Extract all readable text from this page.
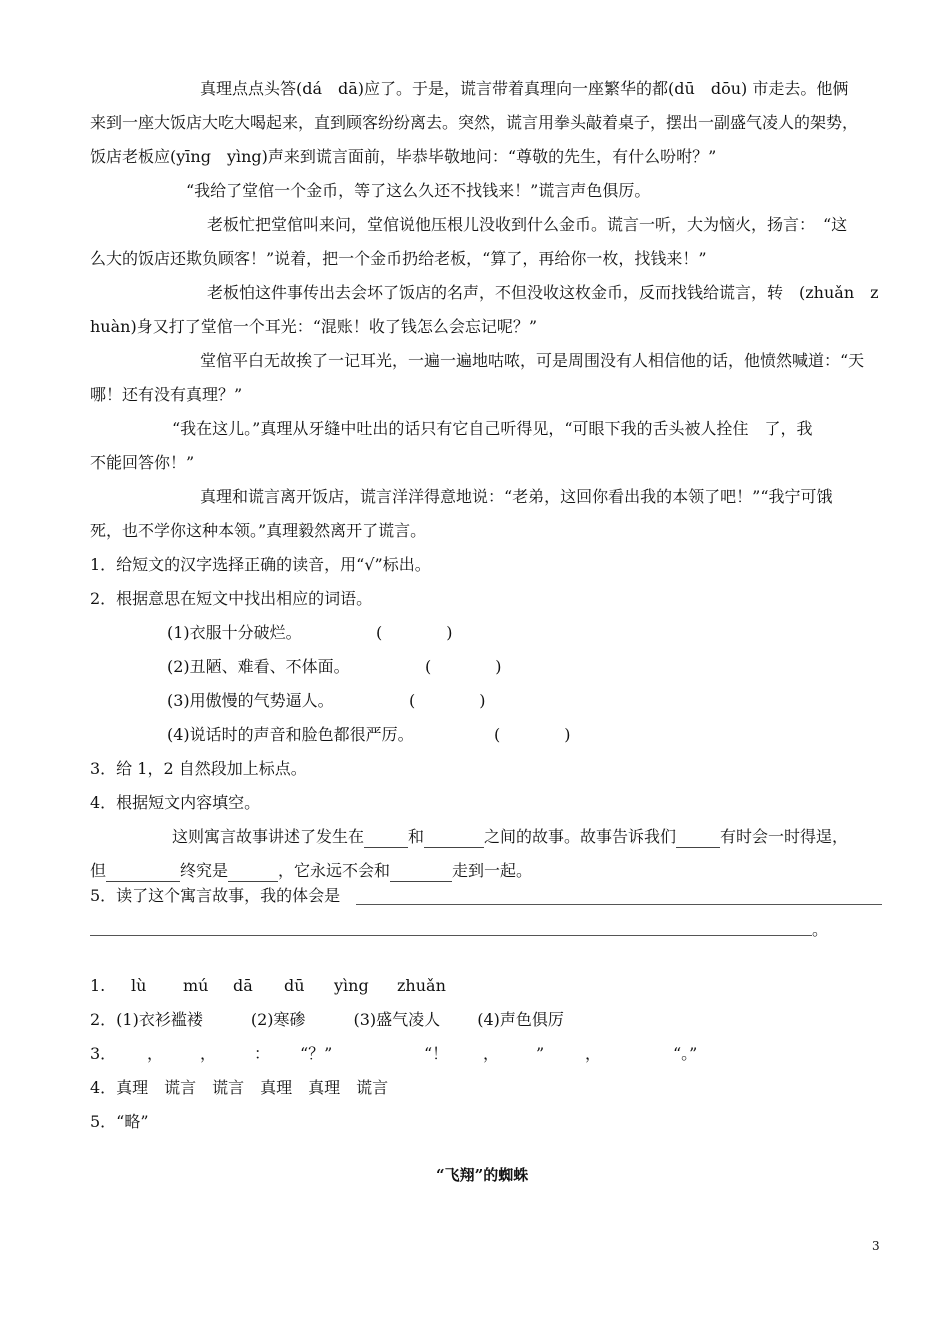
真理点点头答(dá　dā)应了。于是，谎言带着真理向一座繁华的都(dū　dōu) 市走去。他俩
来到一座大饭店大吃大喝起来，直到顾客纷纷离去。突然，谎言用拳头敲着桌子，摆出一副盛气凌人的架势，
饭店老板应(yīng　yìng)声来到谎言面前，毕恭毕敬地问：“尊敬的先生，有什么吩咐？”
“我给了堂倌一个金币，等了这么久还不找钱来！”谎言声色俱厉。
老板忙把堂倌叫来问，堂倌说他压根儿没收到什么金币。谎言一听，大为恼火，扬言：　“这
么大的饭店还欺负顾客！”说着，把一个金币扔给老板，“算了，再给你一枚，找钱来！”
老板怕这件事传出去会坏了饭店的名声，不但没收这枚金币，反而找钱给谎言，转　(zhuǎn　z
huàn)身又打了堂倌一个耳光：“混账！收了钱怎么会忘记呢？”
堂倌平白无故挨了一记耳光，一遍一遍地咕哝，可是周围没有人相信他的话，他愤然喊道：“天
哪！还有没有真理？”
“我在这儿。”真理从牙缝中吐出的话只有它自己听得见，“可眼下我的舌头被人拴住　了，我
不能回答你！”
真理和谎言离开饭店，谎言洋洋得意地说：“老弟，这回你看出我的本领了吧！”“我宁可饿
死，也不学你这种本领。”真理毅然离开了谎言。
1．给短文的汉字选择正确的读音，用“√”标出。
2．根据意思在短文中找出相应的词语。
(1)衣服十分破烂。	(　　　　)
(2)丑陋、难看、不体面。	(　　　　)
(3)用傲慢的气势逼人。	(　　　　)
(4)说话时的声音和脸色都很严厉。	(　　　　)
3．给 1，2 自然段加上标点。
4．根据短文内容填空。
这则寓言故事讲述了发生在	和	之间的故事。故事告诉我们	有时会一时得逞，
但	终究是	，它永远不会和	走到一起。
5．读了这个寓言故事，我的体会是
。
1. lù mú dā dū yìng zhuǎn
2．(1)衣衫褴褛　　　(2)寒碜　　　(3)盛气凌人　　 (4)声色俱厉
3． ， ， ： “？”	“！ ， ”	，	“。”
4．真理　谎言　谎言　真理　真理　谎言
5．“略”
“飞翔”的蜘蛛
3
